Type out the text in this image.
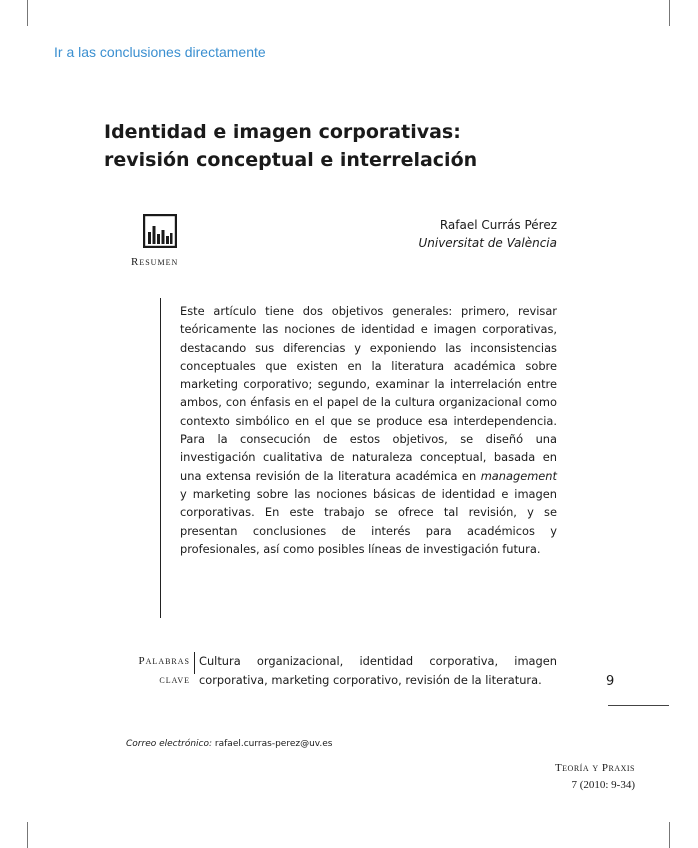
Ir a las conclusiones directamente
Identidad e imagen corporativas:
revisión conceptual e interrelación
Resumen
Rafael Currás Pérez
Universitat de València

Este artículo tiene dos objetivos generales: primero, revisar teóricamente las nociones de identidad e imagen corporativas, destacando sus diferencias y exponiendo las inconsistencias conceptuales que existen en la literatura académica sobre marketing corporativo; segundo, examinar la interrelación entre ambos, con énfasis en el papel de la cultura organizacional como contexto simbólico en el que se produce esa interdependencia. Para la consecución de estos objetivos, se diseñó una investigación cualitativa de naturaleza conceptual, basada en una extensa revisión de la literatura académica en management y marketing sobre las nociones básicas de identidad e imagen corporativas. En este trabajo se ofrece tal revisión, y se presentan conclusiones de interés para académicos y profesionales, así como posibles líneas de investigación futura.

Palabras
clave

Cultura organizacional, identidad corporativa, imagen corporativa, marketing corporativo, revisión de la literatura.	9
Correo electrónico: rafael.curras-perez@uv.es
Teoría y Praxis
7 (2010: 9-34)
